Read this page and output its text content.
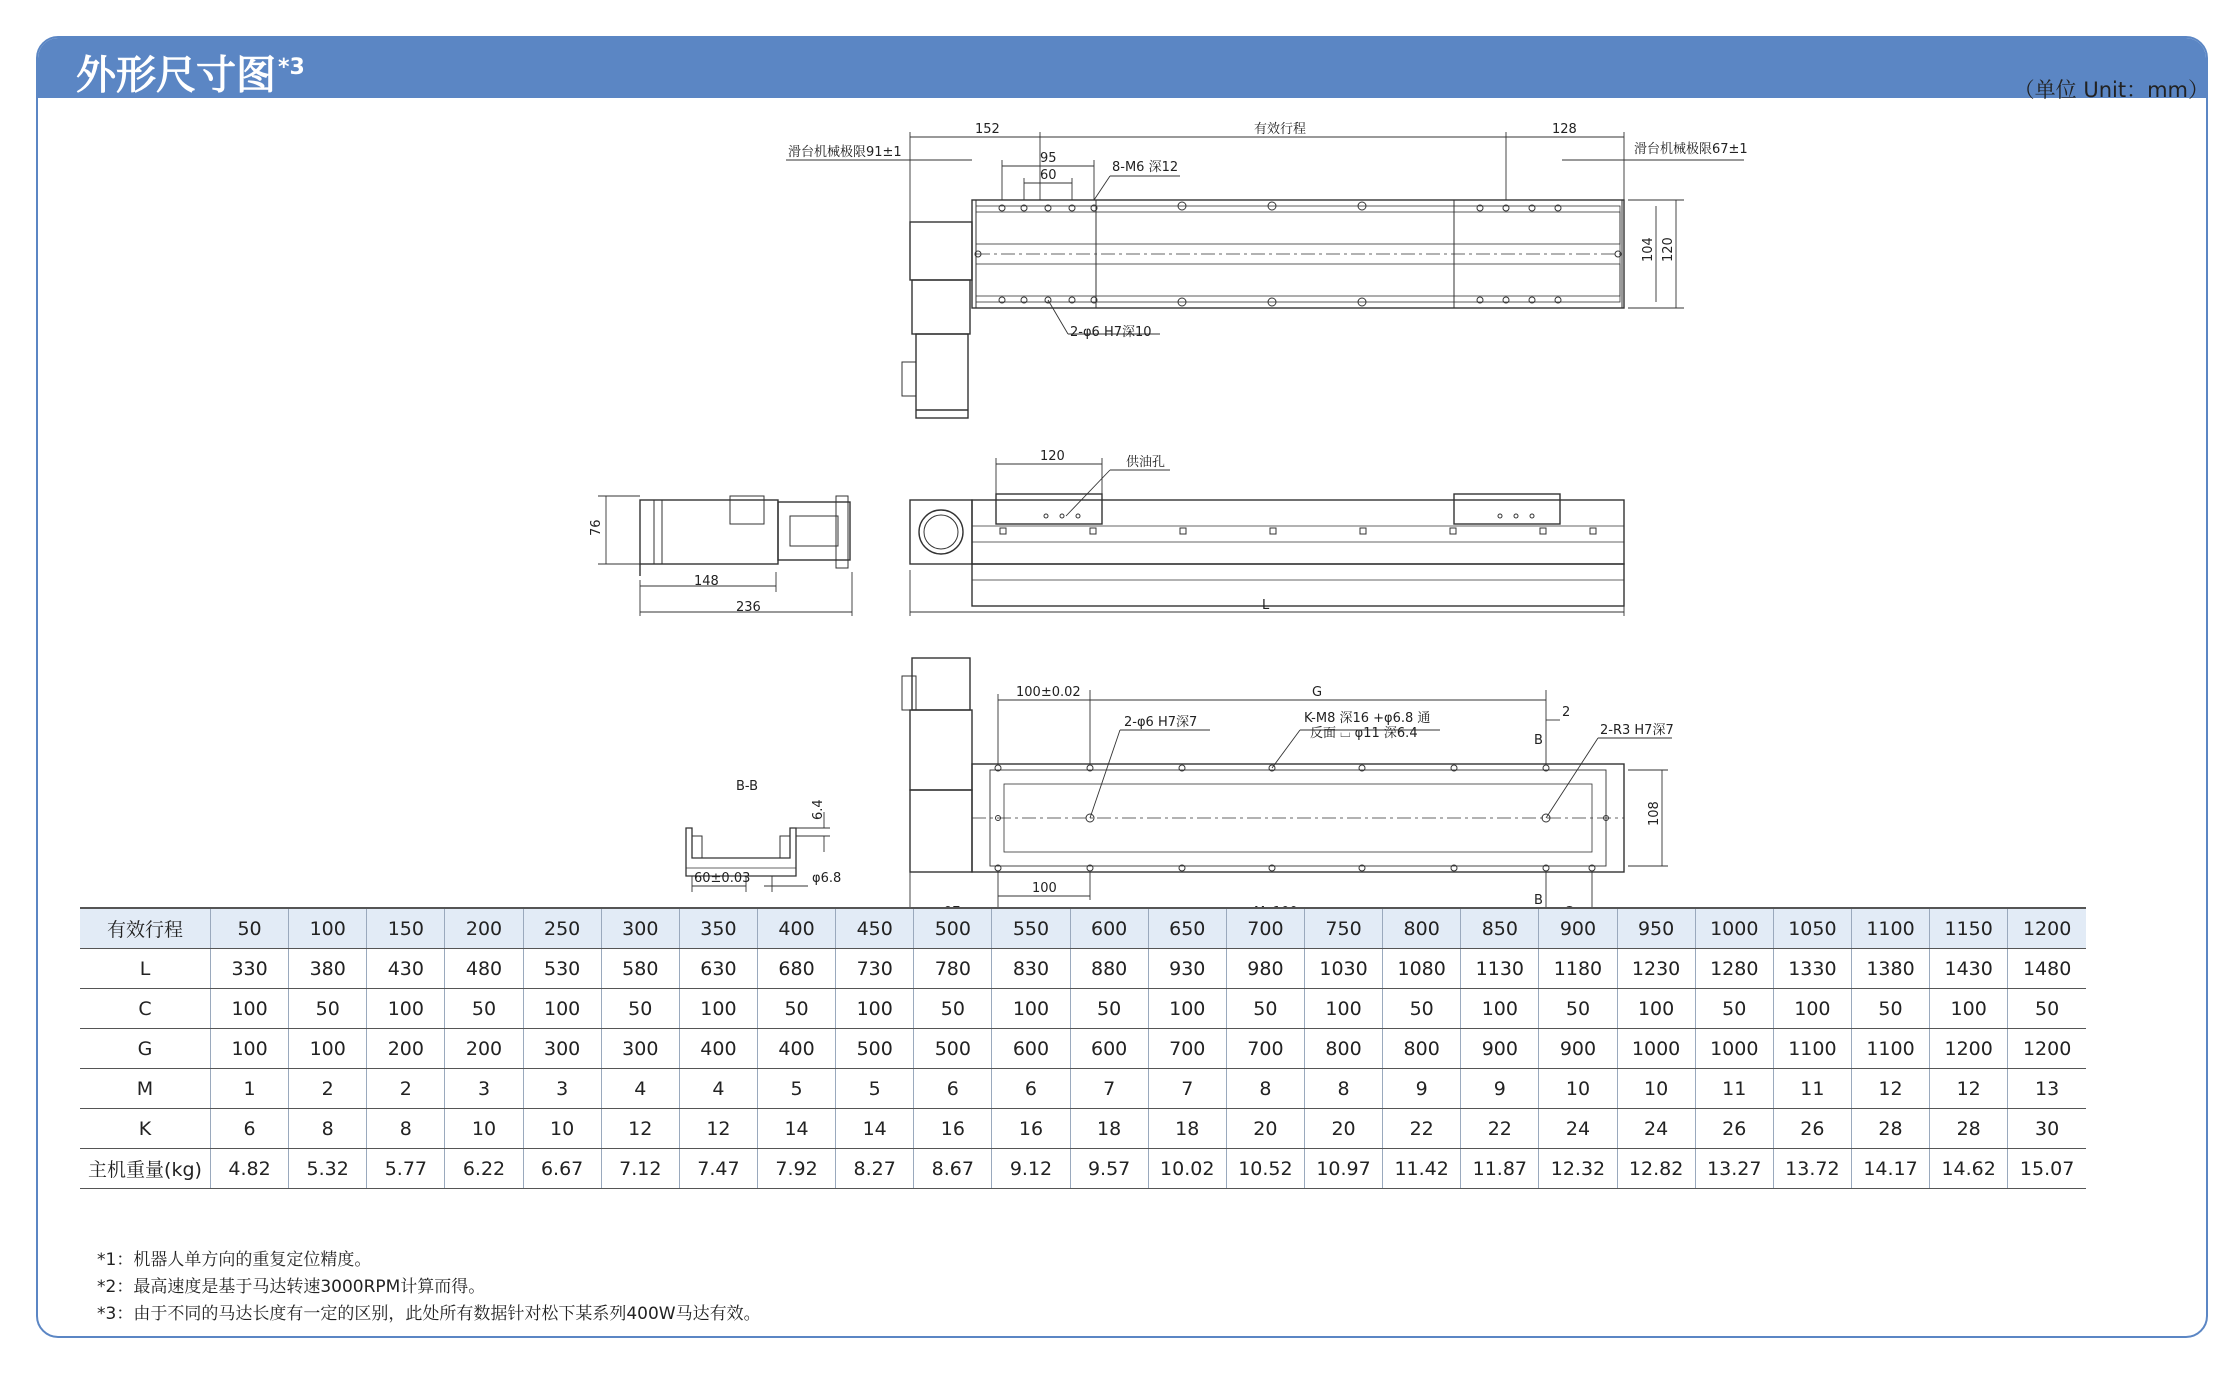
外形尺寸图$^{*3}$
（单位 Unit：mm）
152	有效行程	128
滑台机械极限91±1	滑台机械极限67±1
95
60
8-M6 深12
2-φ6 H7深10
104 120
76
148
236
120	供油孔
L
100±0.02	G
2
2-φ6 H7深7	K-M8 深16 +φ6.8 通
反面 ⌴ φ11 深6.4	2-R3 H7深7
B
B
108
100
B-B
6.4
60±0.03	φ6.8
有效行程	50	100	150	200	250	300	350	400	450	500	550	600	650	700	750	800	850	900	950	1000	1050	1100	1150	1200
L	330	380	430	480	530	580	630	680	730	780	830	880	930	980	1030	1080	1130	1180	1230	1280	1330	1380	1430	1480
C	100	50	100	50	100	50	100	50	100	50	100	50	100	50	100	50	100	50	100	50	100	50	100	50
G	100	100	200	200	300	300	400	400	500	500	600	600	700	700	800	800	900	900	1000	1000	1100	1100	1200	1200
M	1	2	2	3	3	4	4	5	5	6	6	7	7	8	8	9	9	10	10	11	11	12	12	13
K	6	8	8	10	10	12	12	14	14	16	16	18	18	20	20	22	22	24	24	26	26	28	28	30
主机重量(kg)	4.82	5.32	5.77	6.22	6.67	7.12	7.47	7.92	8.27	8.67	9.12	9.57	10.02	10.52	10.97	11.42	11.87	12.32	12.82	13.27	13.72	14.17	14.62	15.07
*1：机器人单方向的重复定位精度。
*2：最高速度是基于马达转速3000RPM计算而得。
*3：由于不同的马达长度有一定的区别，此处所有数据针对松下某系列400W马达有效。
